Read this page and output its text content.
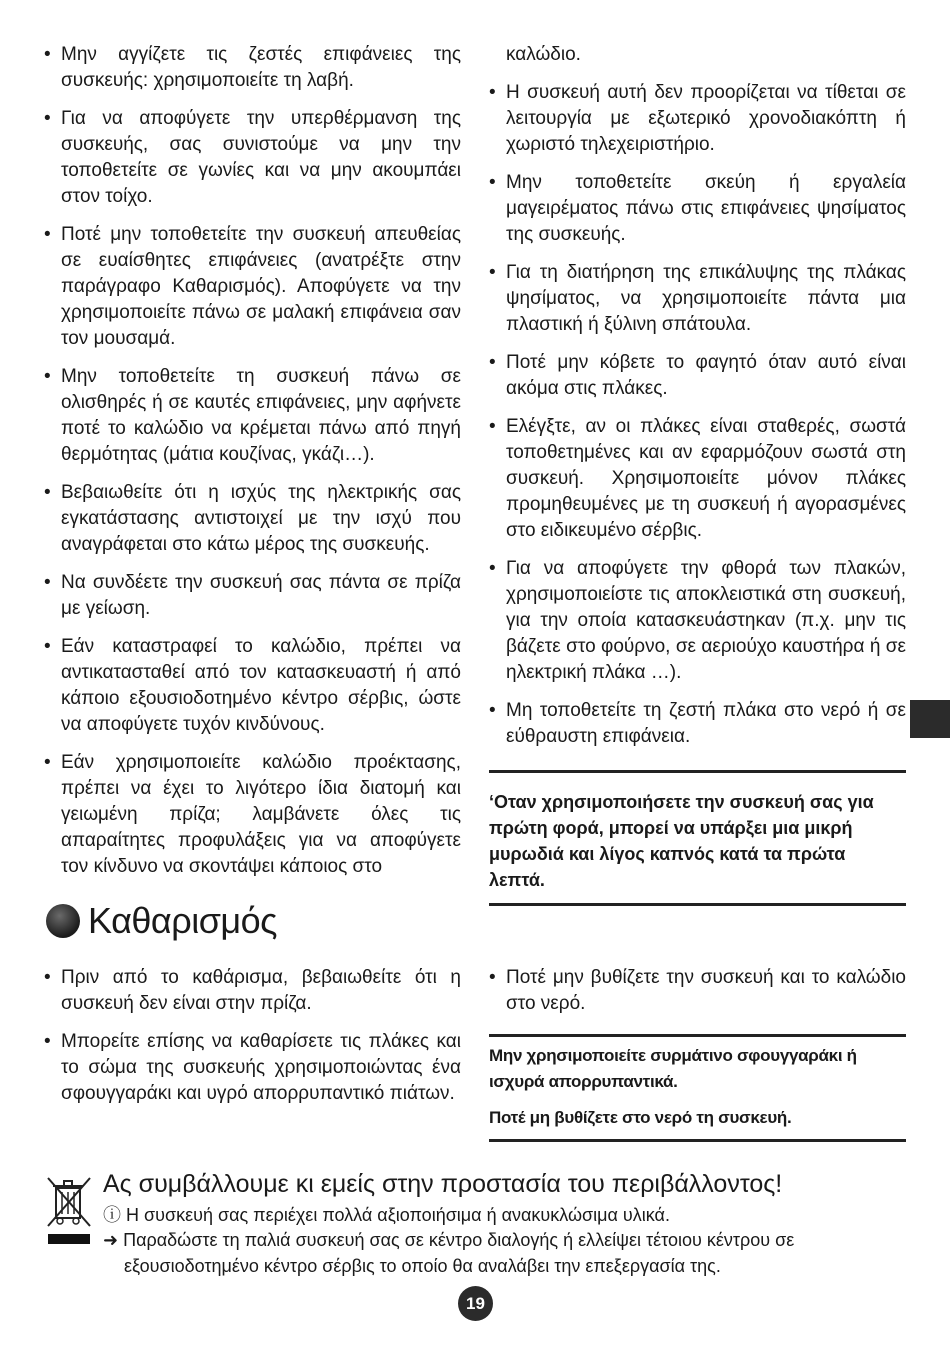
• Μην αγγίζετε τις ζεστές επιφάνειες της συσκευής: χρησιμοποιείτε τη λαβή.
• Για να αποφύγετε την υπερθέρμανση της συσκευής, σας συνιστούμε να μην την τοποθετείτε σε γωνίες και να μην ακουμπάει στον τοίχο.
• Ποτέ μην τοποθετείτε την συσκευή απευθείας σε ευαίσθητες επιφάνειες (ανατρέξτε στην παράγραφο Καθαρισμός). Αποφύγετε να την χρησιμοποιείτε πάνω σε μαλακή επιφάνεια σαν τον μουσαμά.
• Μην τοποθετείτε τη συσκευή πάνω σε ολισθηρές ή σε καυτές επιφάνειες, μην αφήνετε ποτέ το καλώδιο να κρέμεται πάνω από πηγή θερμότητας (μάτια κουζίνας, γκάζι…).
• Βεβαιωθείτε ότι η ισχύς της ηλεκτρικής σας εγκατάστασης αντιστοιχεί με την ισχύ που αναγράφεται στο κάτω μέρος της συσκευής.
• Να συνδέετε την συσκευή σας πάντα σε πρίζα με γείωση.
• Εάν καταστραφεί το καλώδιο, πρέπει να αντικατασταθεί από τον κατασκευαστή ή από κάποιο εξουσιοδοτημένο κέντρο σέρβις, ώστε να αποφύγετε τυχόν κινδύνους.
• Εάν χρησιμοποιείτε καλώδιο προέκτασης, πρέπει να έχει το λιγότερο ίδια διατομή και γειωμένη πρίζα; λαμβάνετε όλες τις απαραίτητες προφυλάξεις για να αποφύγετε τον κίνδυνο να σκοντάψει κάποιος στο
καλώδιο.
• Η συσκευή αυτή δεν προορίζεται να τίθεται σε λειτουργία με εξωτερικό χρονοδιακόπτη ή χωριστό τηλεχειριστήριο.
• Μην τοποθετείτε σκεύη ή εργαλεία μαγειρέματος πάνω στις επιφάνειες ψησίματος της συσκευής.
• Για τη διατήρηση της επικάλυψης της πλάκας ψησίματος, να χρησιμοποιείτε πάντα μια πλαστική ή ξύλινη σπάτουλα.
• Ποτέ μην κόβετε το φαγητό όταν αυτό είναι ακόμα στις πλάκες.
• Ελέγξτε, αν οι πλάκες είναι σταθερές, σωστά τοποθετημένες και αν εφαρμόζουν σωστά στη συσκευή. Χρησιμοποιείτε μόνον πλάκες προμηθευμένες με τη συσκευή ή αγορασμένες στο ειδικευμένο σέρβις.
• Για να αποφύγετε την φθορά των πλακών, χρησιμοποιείστε τις αποκλειστικά στη συσκευή, για την οποία κατασκευάστηκαν (π.χ. μην τις βάζετε στο φούρνο, σε αεριούχο καυστήρα ή σε ηλεκτρική πλάκα …).
• Μη τοποθετείτε τη ζεστή πλάκα στο νερό ή σε εύθραυστη επιφάνεια.

‘Οταν χρησιμοποιήσετε την συσκευή σας για πρώτη φορά, μπορεί να υπάρξει μια μικρή μυρωδιά και λίγος καπνός κατά τα πρώτα λεπτά.

Καθαρισμός
• Πριν από το καθάρισμα, βεβαιωθείτε ότι η συσκευή δεν είναι στην πρίζα.
• Μπορείτε επίσης να καθαρίσετε τις πλάκες και το σώμα της συσκευής χρησιμοποιώντας ένα σφουγγαράκι και υγρό απορρυπαντικό πιάτων.
• Ποτέ μην βυθίζετε την συσκευή και το καλώδιο στο νερό.

Μην χρησιμοποιείτε συρμάτινο σφουγγαράκι ή ισχυρά απορρυπαντικά.

Ποτέ μη βυθίζετε στο νερό τη συσκευή.

Ας συμβάλλουμε κι εμείς στην προστασία του περιβάλλοντος!
ⓘ Η συσκευή σας περιέχει πολλά αξιοποιήσιμα ή ανακυκλώσιμα υλικά.
➜ Παραδώστε τη παλιά συσκευή σας σε κέντρο διαλογής ή ελλείψει τέτοιου κέντρου σε
εξουσιοδοτημένο κέντρο σέρβις το οποίο θα αναλάβει την επεξεργασία της.
19
